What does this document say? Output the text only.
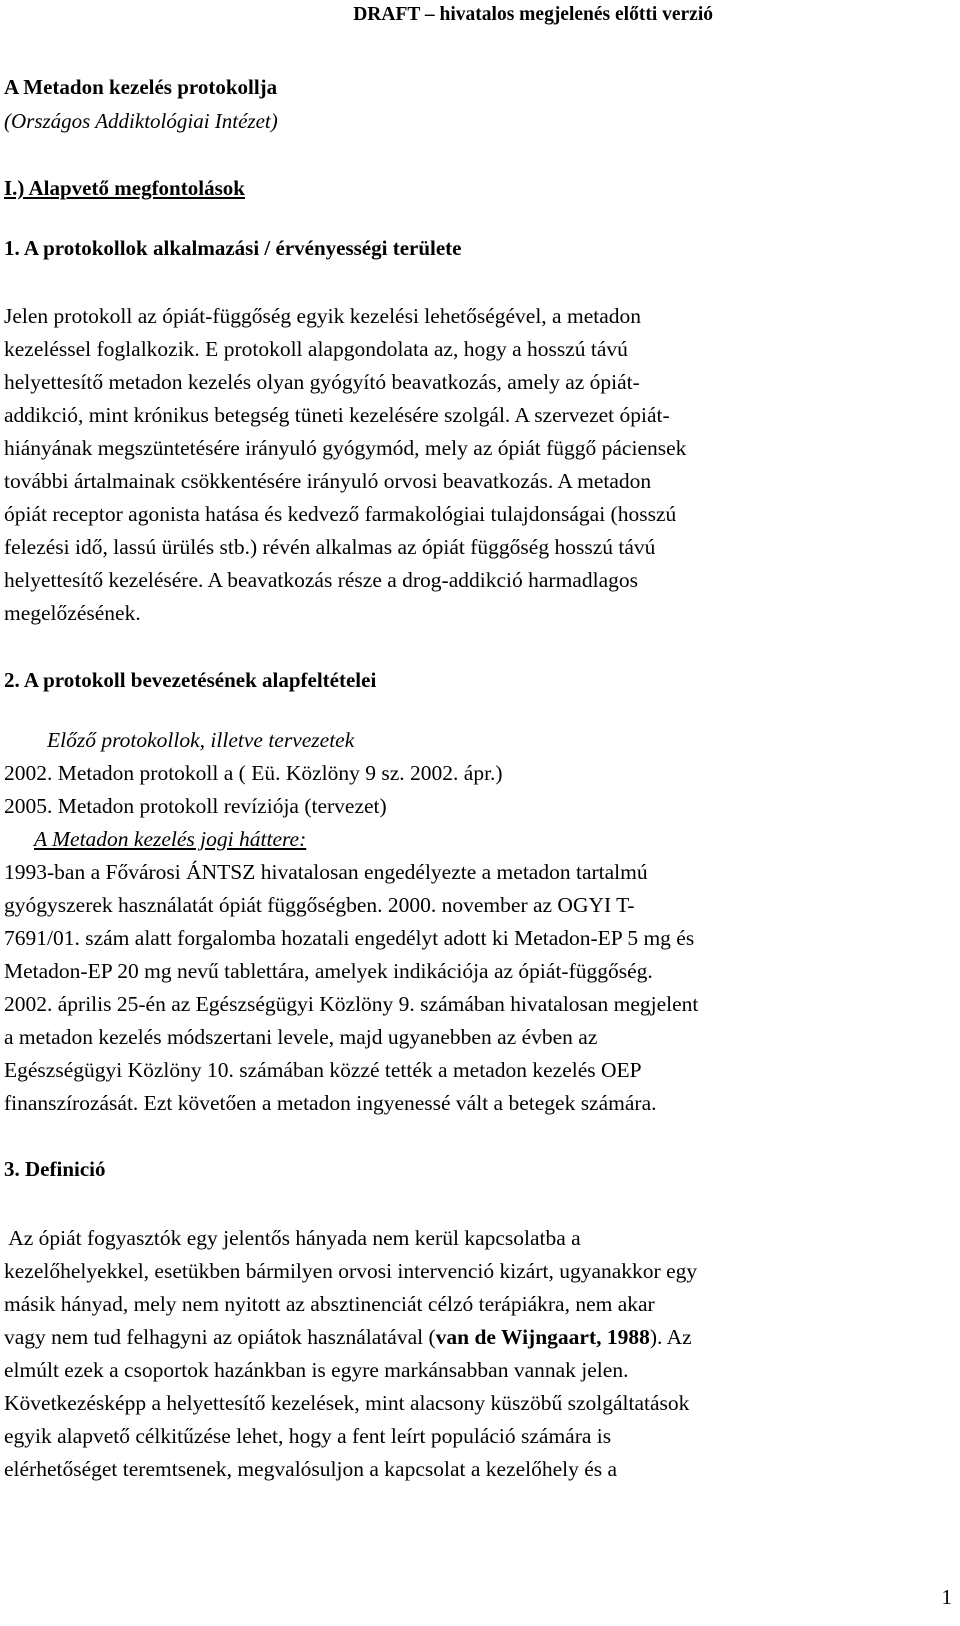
DRAFT – hivatalos megjelenés előtti verzió
A Metadon kezelés protokollja
(Országos Addiktológiai Intézet)
I.) Alapvető megfontolások
1. A protokollok alkalmazási / érvényességi területe
Jelen protokoll az ópiát-függőség egyik kezelési lehetőségével, a metadon
kezeléssel foglalkozik. E protokoll alapgondolata az, hogy a hosszú távú
helyettesítő metadon kezelés olyan gyógyító beavatkozás, amely az ópiát-
addikció, mint krónikus betegség tüneti kezelésére szolgál. A szervezet ópiát-
hiányának megszüntetésére irányuló gyógymód, mely az ópiát függő páciensek
további ártalmainak csökkentésére irányuló orvosi beavatkozás. A metadon
ópiát receptor agonista hatása és kedvező farmakológiai tulajdonságai (hosszú
felezési idő, lassú ürülés stb.) révén alkalmas az ópiát függőség hosszú távú
helyettesítő kezelésére. A beavatkozás része a drog-addikció harmadlagos
megelőzésének.
2. A protokoll bevezetésének alapfeltételei
Előző protokollok, illetve tervezetek
2002. Metadon protokoll a ( Eü. Közlöny 9 sz. 2002. ápr.)
2005. Metadon protokoll revíziója (tervezet)
A Metadon kezelés jogi háttere:
1993-ban a Fővárosi ÁNTSZ hivatalosan engedélyezte a metadon tartalmú
gyógyszerek használatát ópiát függőségben. 2000. november az OGYI T-
7691/01. szám alatt forgalomba hozatali engedélyt adott ki Metadon-EP 5 mg és
Metadon-EP 20 mg nevű tablettára, amelyek indikációja az ópiát-függőség.
2002. április 25-én az Egészségügyi Közlöny 9. számában hivatalosan megjelent
a metadon kezelés módszertani levele, majd ugyanebben az évben az
Egészségügyi Közlöny 10. számában közzé tették a metadon kezelés OEP
finanszírozását. Ezt követően a metadon ingyenessé vált a betegek számára.
3. Definició
Az ópiát fogyasztók egy jelentős hányada nem kerül kapcsolatba a
kezelőhelyekkel, esetükben bármilyen orvosi intervenció kizárt, ugyanakkor egy
másik hányad, mely nem nyitott az absztinenciát célzó terápiákra, nem akar
vagy nem tud felhagyni az opiátok használatával (van de Wijngaart, 1988). Az
elmúlt ezek a csoportok hazánkban is egyre markánsabban vannak jelen.
Következésképp a helyettesítő kezelések, mint alacsony küszöbű szolgáltatások
egyik alapvető célkitűzése lehet, hogy a fent leírt populáció számára is
elérhetőséget teremtsenek, megvalósuljon a kapcsolat a kezelőhely és a
1
